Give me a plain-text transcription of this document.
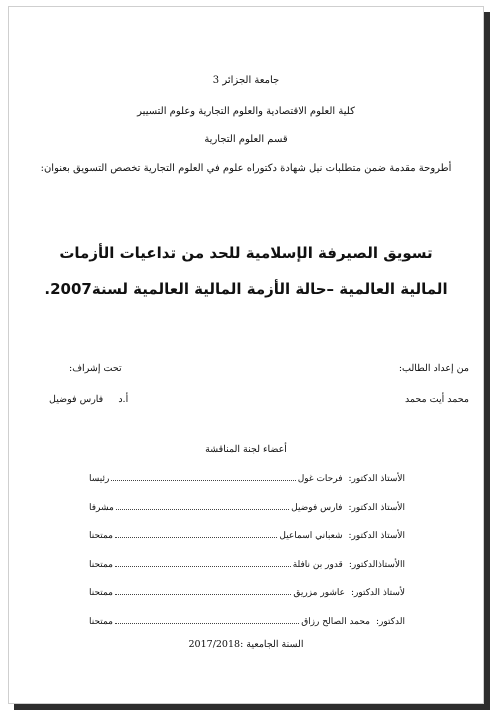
جامعة الجزائر 3
كلية العلوم الاقتصادية والعلوم التجارية وعلوم التسيير
قسم العلوم التجارية
أطروحة مقدمة ضمن متطلبات نيل شهادة دكتوراه علوم في العلوم التجارية تخصص التسويق بعنوان:
تسويق الصيرفة الإسلامية للحد من تداعيات الأزمات
المالية العالمية –حالة الأزمة المالية العالمية لسنة2007.
من إعداد الطالب:
محمد أيت محمد
تحت إشراف:
أ.د     فارس فوضيل
أعضاء لجنة المناقشة
الأستاذ الدكتور:
فرحات غول
رئيسا
الأستاذ الدكتور:
فارس فوضيل
مشرفا
الأستاذ الدكتور:
شعباني اسماعيل
ممتحنا
االأستاذالدكتور:
قدور بن نافلة
ممتحنا
لأستاذ الدكتور:
عاشور مزريق
ممتحنا
الدكتور:
محمد الصالح رزاق
ممتحنا
السنة الجامعية :2017/2018
